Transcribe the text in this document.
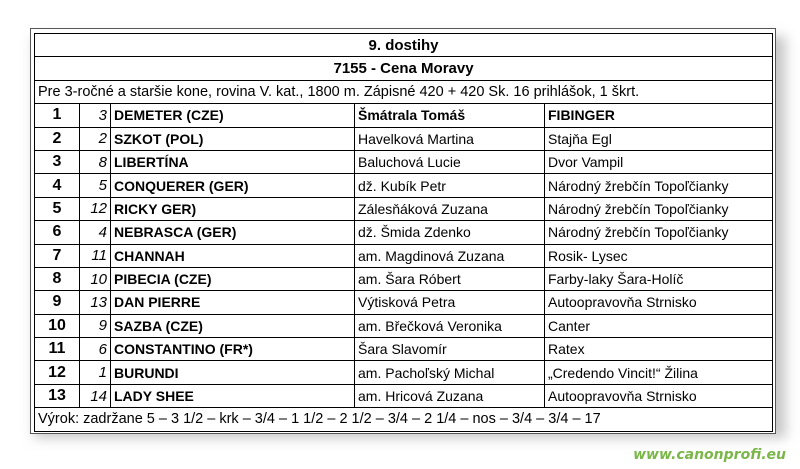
9. dostihy				
7155 - Cena Moravy				
Pre 3-ročné a staršie kone, rovina V. kat., 1800 m. Zápisné 420 + 420 Sk. 16 prihlášok, 1 škrt.				
1	3	DEMETER (CZE)	Šmátrala Tomáš	FIBINGER
2	2	SZKOT (POL)	Havelková Martina	Stajňa Egl
3	8	LIBERTÍNA	Baluchová Lucie	Dvor Vampil
4	5	CONQUERER (GER)	dž. Kubík Petr	Národný žrebčín Topoľčianky
5	12	RICKY GER)	Zálesňáková Zuzana	Národný žrebčín Topoľčianky
6	4	NEBRASCA (GER)	dž. Šmida Zdenko	Národný žrebčín Topoľčianky
7	11	CHANNAH	am. Magdinová Zuzana	Rosik- Lysec
8	10	PIBECIA (CZE)	am. Šara Róbert	Farby-laky Šara-Holíč
9	13	DAN PIERRE	Výtisková Petra	Autoopravovňa Strnisko
10	9	SAZBA (CZE)	am. Břečková Veronika	Canter
11	6	CONSTANTINO (FR*)	Šara Slavomír	Ratex
12	1	BURUNDI	am. Pachoľský Michal	„Credendo Vincit!“ Žilina
13	14	LADY SHEE	am. Hricová Zuzana	Autoopravovňa Strnisko
Výrok: zadržane 5 – 3 1/2 – krk – 3/4 – 1 1/2 – 2 1/2 – 3/4 – 2 1/4 – nos – 3/4 – 3/4 – 17				
www.canonprofi.eu
